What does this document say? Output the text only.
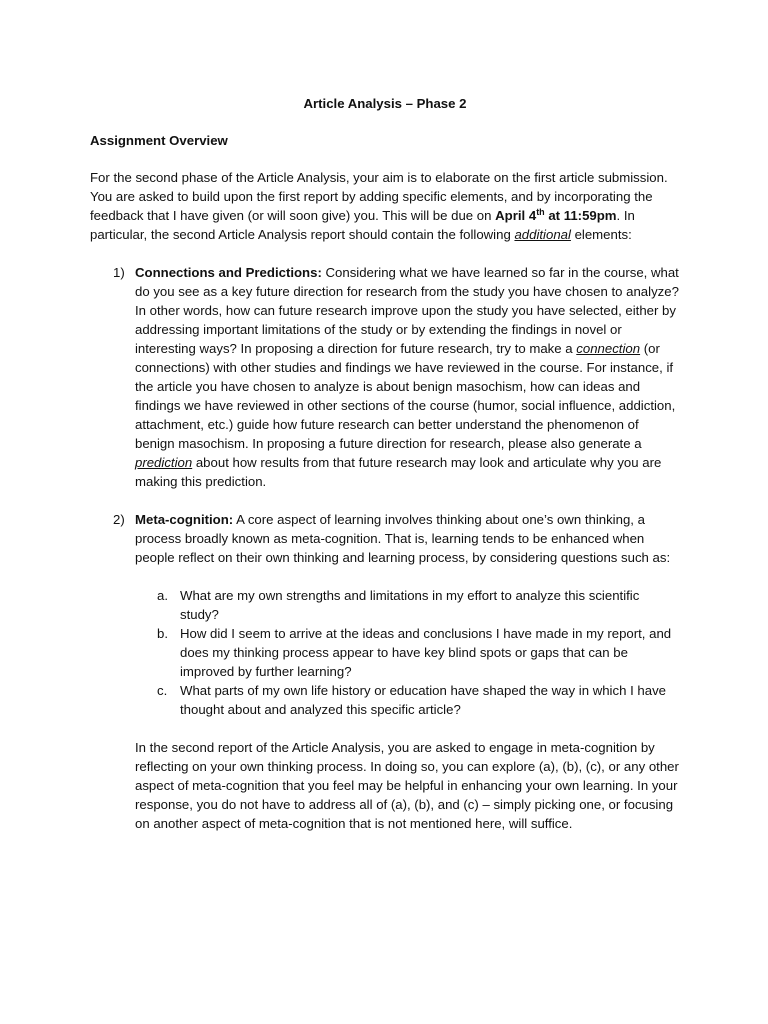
Article Analysis – Phase 2
Assignment Overview

For the second phase of the Article Analysis, your aim is to elaborate on the first article submission. You are asked to build upon the first report by adding specific elements, and by incorporating the feedback that I have given (or will soon give) you. This will be due on April 4th at 11:59pm. In particular, the second Article Analysis report should contain the following additional elements:

1) Connections and Predictions: Considering what we have learned so far in the course, what do you see as a key future direction for research from the study you have chosen to analyze? In other words, how can future research improve upon the study you have selected, either by addressing important limitations of the study or by extending the findings in novel or interesting ways? In proposing a direction for future research, try to make a connection (or connections) with other studies and findings we have reviewed in the course. For instance, if the article you have chosen to analyze is about benign masochism, how can ideas and findings we have reviewed in other sections of the course (humor, social influence, addiction, attachment, etc.) guide how future research can better understand the phenomenon of benign masochism. In proposing a future direction for research, please also generate a prediction about how results from that future research may look and articulate why you are making this prediction.

2) Meta-cognition: A core aspect of learning involves thinking about one’s own thinking, a process broadly known as meta-cognition. That is, learning tends to be enhanced when people reflect on their own thinking and learning process, by considering questions such as:

a. What are my own strengths and limitations in my effort to analyze this scientific study?
b. How did I seem to arrive at the ideas and conclusions I have made in my report, and does my thinking process appear to have key blind spots or gaps that can be improved by further learning?
c. What parts of my own life history or education have shaped the way in which I have thought about and analyzed this specific article?

In the second report of the Article Analysis, you are asked to engage in meta-cognition by reflecting on your own thinking process. In doing so, you can explore (a), (b), (c), or any other aspect of meta-cognition that you feel may be helpful in enhancing your own learning. In your response, you do not have to address all of (a), (b), and (c) – simply picking one, or focusing on another aspect of meta-cognition that is not mentioned here, will suffice.
